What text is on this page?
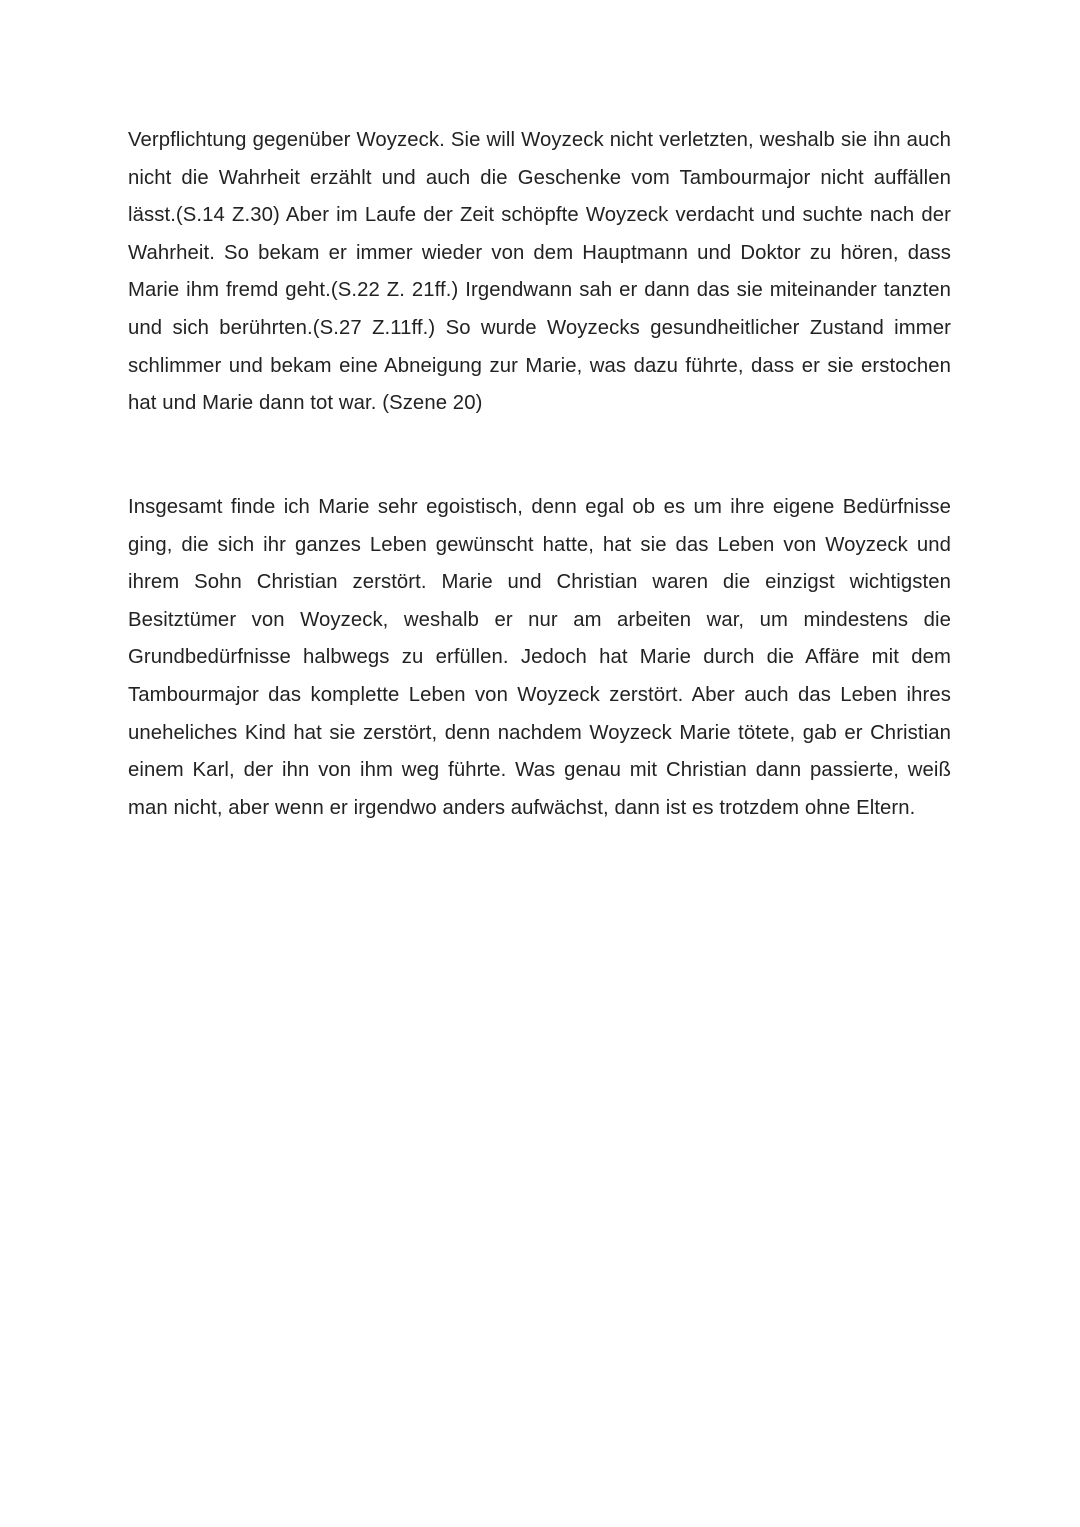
Verpflichtung gegenüber Woyzeck. Sie will Woyzeck nicht verletzten, weshalb sie ihn auch nicht die Wahrheit erzählt und auch die Geschenke vom Tambourmajor nicht auffällen lässt.(S.14 Z.30) Aber im Laufe der Zeit schöpfte Woyzeck verdacht und suchte nach der Wahrheit. So bekam er immer wieder von dem Hauptmann und Doktor zu hören, dass Marie ihm fremd geht.(S.22 Z. 21ff.) Irgendwann sah er dann das sie miteinander tanzten und sich berührten.(S.27 Z.11ff.) So wurde Woyzecks gesundheitlicher Zustand immer schlimmer und bekam eine Abneigung zur Marie, was dazu führte, dass er sie erstochen hat und Marie dann tot war. (Szene 20)

Insgesamt finde ich Marie sehr egoistisch, denn egal ob es um ihre eigene Bedürfnisse ging, die sich ihr ganzes Leben gewünscht hatte, hat sie das Leben von Woyzeck und ihrem Sohn Christian zerstört. Marie und Christian waren die einzigst wichtigsten Besitztümer von Woyzeck, weshalb er nur am arbeiten war, um mindestens die Grundbedürfnisse halbwegs zu erfüllen. Jedoch hat Marie durch die Affäre mit dem Tambourmajor das komplette Leben von Woyzeck zerstört. Aber auch das Leben ihres uneheliches Kind hat sie zerstört, denn nachdem Woyzeck Marie tötete, gab er Christian einem Karl, der ihn von ihm weg führte. Was genau mit Christian dann passierte, weiß man nicht, aber wenn er irgendwo anders aufwächst, dann ist es trotzdem ohne Eltern.
